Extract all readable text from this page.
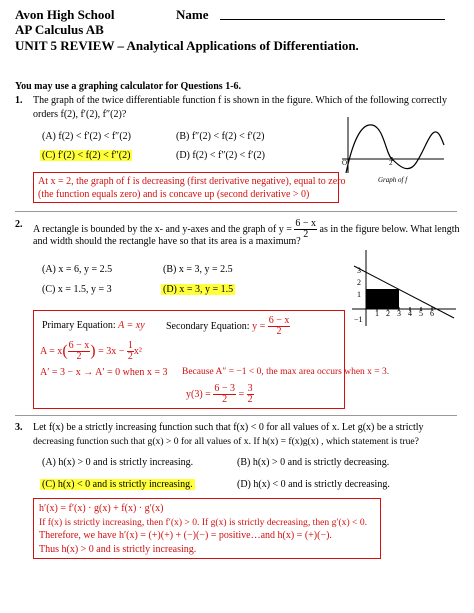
Avon High School	Name
AP Calculus AB
UNIT 5 REVIEW – Analytical Applications of Differentiation.
You may use a graphing calculator for Questions 1-6.
1. The graph of the twice differentiable function f is shown in the figure. Which of the following correctly
orders f(2), f′(2), f″(2)?
(A) f(2) < f′(2) < f″(2)	(B) f″(2) < f(2) < f′(2)
(C) f′(2) < f(2) < f″(2)	(D) f(2) < f″(2) < f′(2)
O	2
Graph of f
At x = 2, the graph of f is decreasing (first derivative negative), equal to zero
(the function equals zero) and is concave up (second derivative > 0)
2. A rectangle is bounded by the x- and y-axes and the graph of $y = \frac{6 - x}{2}$ as in the figure below. What length
and width should the rectangle have so that its area is a maximum?
(A) x = 6, y = 2.5	(B) x = 3, y = 2.5
(C) x = 1.5, y = 3	(D) x = 3, y = 1.5
1 2 3 4 5 6
3
2
1
−1
Primary Equation: A = xy Secondary Equation: $y = \frac{6 - x}{2}$
$A = x( \frac{6 - x}{2}$ ) = $3x - \frac{1}{2} x^2$
A′ = 3 − x → A′ = 0 when x = 3 Because A″ = −1 < 0, the max area occurs when x = 3.
$y(3) = \frac{6 - 3}{2} = \frac{3}{2}$
3. Let f(x) be a strictly increasing function such that f(x) < 0 for all values of x. Let g(x) be a strictly
decreasing function such that g(x) > 0 for all values of x. If h(x) = f(x)g(x) , which statement is true?
(A) h(x) > 0 and is strictly increasing.	(B) h(x) > 0 and is strictly decreasing.
(C) h(x) < 0 and is strictly increasing.	(D) h(x) < 0 and is strictly decreasing.
h′(x) = f′(x) · g(x) + f(x) · g′(x)
If f(x) is strictly increasing, then f′(x) > 0. If g(x) is strictly decreasing, then g′(x) < 0.
Therefore, we have h′(x) = (+)(+) + (−)(−) = positive…and h(x) = (+)(−).
Thus h(x) > 0 and is strictly increasing.
